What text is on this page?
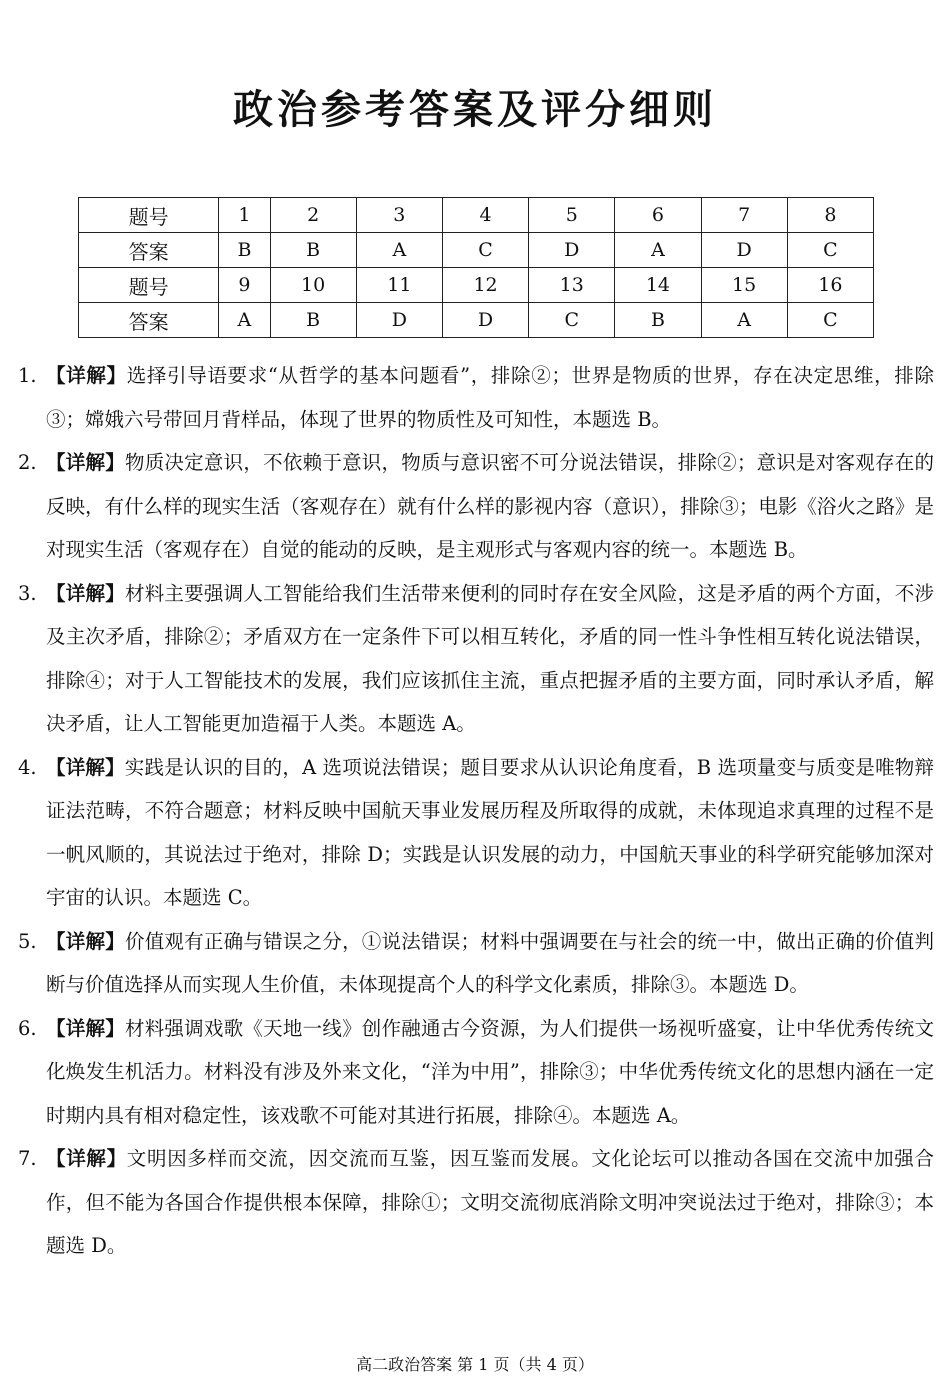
政治参考答案及评分细则
题号	1	2	3	4	5	6	7	8
答案	B	B	A	C	D	A	D	C
题号	9	10	11	12	13	14	15	16
答案	A	B	D	D	C	B	A	C
1. 【详解】选择引导语要求“从哲学的基本问题看”，排除②；世界是物质的世界，存在决定思维，排除③；嫦娥六号带回月背样品，体现了世界的物质性及可知性，本题选 B。
2. 【详解】物质决定意识，不依赖于意识，物质与意识密不可分说法错误，排除②；意识是对客观存在的反映，有什么样的现实生活（客观存在）就有什么样的影视内容（意识），排除③；电影《浴火之路》是对现实生活（客观存在）自觉的能动的反映，是主观形式与客观内容的统一。本题选 B。
3. 【详解】材料主要强调人工智能给我们生活带来便利的同时存在安全风险，这是矛盾的两个方面，不涉及主次矛盾，排除②；矛盾双方在一定条件下可以相互转化，矛盾的同一性斗争性相互转化说法错误，排除④；对于人工智能技术的发展，我们应该抓住主流，重点把握矛盾的主要方面，同时承认矛盾，解决矛盾，让人工智能更加造福于人类。本题选 A。
4. 【详解】实践是认识的目的，A 选项说法错误；题目要求从认识论角度看，B 选项量变与质变是唯物辩证法范畴，不符合题意；材料反映中国航天事业发展历程及所取得的成就，未体现追求真理的过程不是一帆风顺的，其说法过于绝对，排除 D；实践是认识发展的动力，中国航天事业的科学研究能够加深对宇宙的认识。本题选 C。
5. 【详解】价值观有正确与错误之分，①说法错误；材料中强调要在与社会的统一中，做出正确的价值判断与价值选择从而实现人生价值，未体现提高个人的科学文化素质，排除③。本题选 D。
6. 【详解】材料强调戏歌《天地一线》创作融通古今资源，为人们提供一场视听盛宴，让中华优秀传统文化焕发生机活力。材料没有涉及外来文化，“洋为中用”，排除③；中华优秀传统文化的思想内涵在一定时期内具有相对稳定性，该戏歌不可能对其进行拓展，排除④。本题选 A。
7. 【详解】文明因多样而交流，因交流而互鉴，因互鉴而发展。文化论坛可以推动各国在交流中加强合作，但不能为各国合作提供根本保障，排除①；文明交流彻底消除文明冲突说法过于绝对，排除③；本题选 D。
高二政治答案 第 1 页（共 4 页）
